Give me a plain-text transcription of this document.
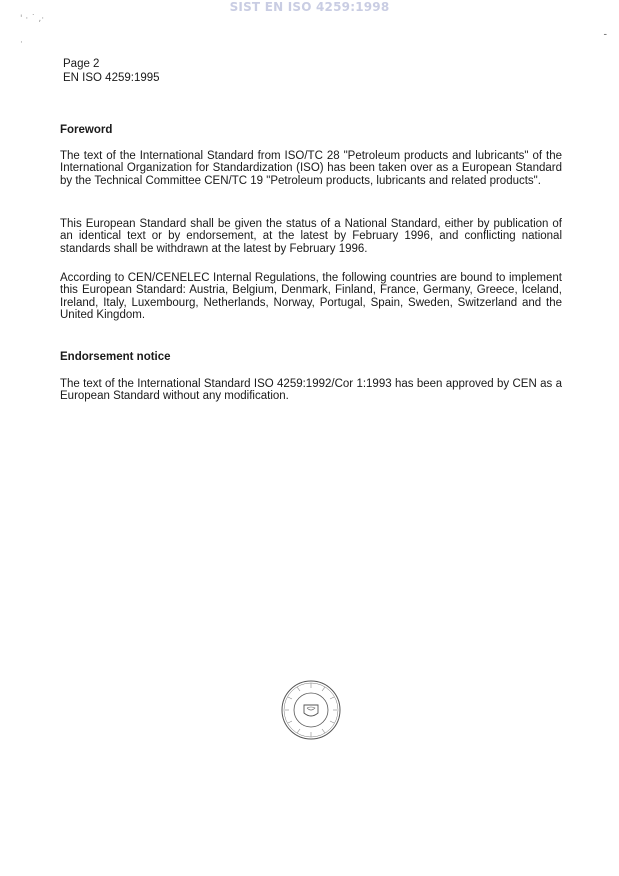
SIST EN ISO 4259:1998
' · ˙ ,·
·
ˍ
Page 2
EN ISO 4259:1995
Foreword
The text of the International Standard from ISO/TC 28 "Petroleum products and lubricants" of the International Organization for Standardization (ISO) has been taken over as a European Standard by the Technical Committee CEN/TC 19 "Petroleum products, lubricants and related products".
This European Standard shall be given the status of a National Standard, either by publication of an identical text or by endorsement, at the latest by February 1996, and conflicting national standards shall be withdrawn at the latest by February 1996.
According to CEN/CENELEC Internal Regulations, the following countries are bound to implement this European Standard: Austria, Belgium, Denmark, Finland, France, Germany, Greece, Iceland, Ireland, Italy, Luxembourg, Netherlands, Norway, Portugal, Spain, Sweden, Switzerland and the United Kingdom.
Endorsement notice
The text of the International Standard ISO 4259:1992/Cor 1:1993 has been approved by CEN as a European Standard without any modification.
